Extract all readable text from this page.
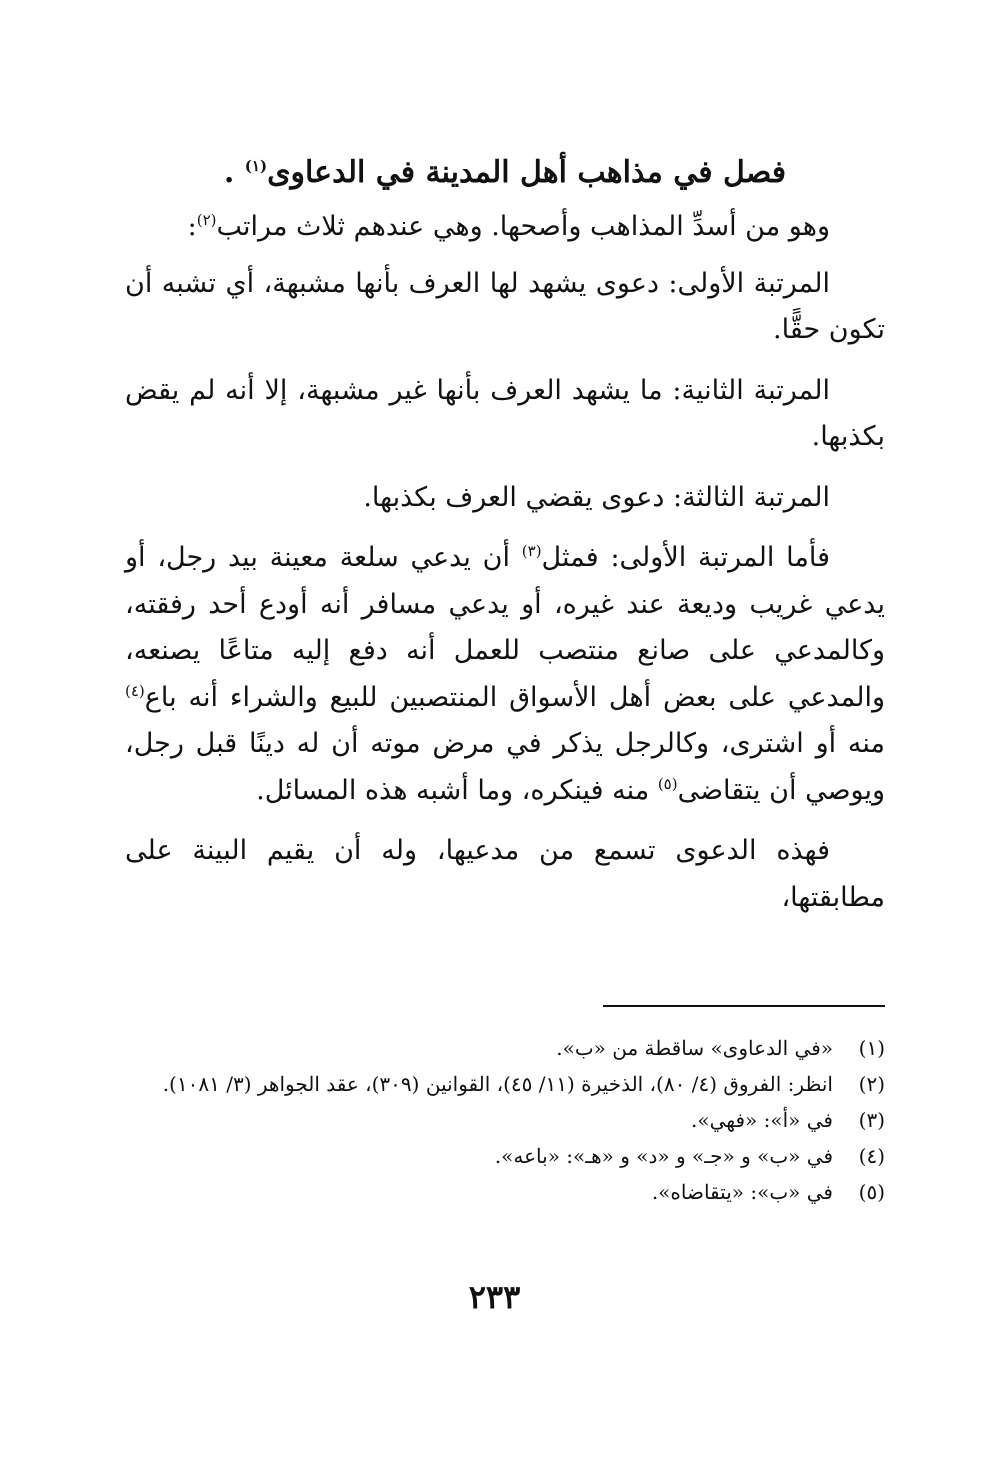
فصل في مذاهب أهل المدينة في الدعاوى$^{(١)}$ .

وهو من أسدِّ المذاهب وأصحها. وهي عندهم ثلاث مراتب$^{(٢)}$:

المرتبة الأولى: دعوى يشهد لها العرف بأنها مشبهة، أي تشبه أن تكون حقًّا.

المرتبة الثانية: ما يشهد العرف بأنها غير مشبهة، إلا أنه لم يقض بكذبها.

المرتبة الثالثة: دعوى يقضي العرف بكذبها.

فأما المرتبة الأولى: فمثل$^{(٣)}$ أن يدعي سلعة معينة بيد رجل، أو يدعي غريب وديعة عند غيره، أو يدعي مسافر أنه أودع أحد رفقته، وكالمدعي على صانع منتصب للعمل أنه دفع إليه متاعًا يصنعه، والمدعي على بعض أهل الأسواق المنتصبين للبيع والشراء أنه باع$^{(٤)}$ منه أو اشترى، وكالرجل يذكر في مرض موته أن له دينًا قبل رجل، ويوصي أن يتقاضى$^{(٥)}$ منه فينكره، وما أشبه هذه المسائل.

فهذه الدعوى تسمع من مدعيها، وله أن يقيم البينة على مطابقتها،

(١)
«في الدعاوى» ساقطة من «ب».
(٢)
انظر: الفروق (٤/ ٨٠)، الذخيرة (١١/ ٤٥)، القوانين (٣٠٩)، عقد الجواهر (٣/ ١٠٨١).
(٣)
في «أ»: «فهي».
(٤)
في «ب» و «جـ» و «د» و «هـ»: «باعه».
(٥)
في «ب»: «يتقاضاه».
٢٣٣
